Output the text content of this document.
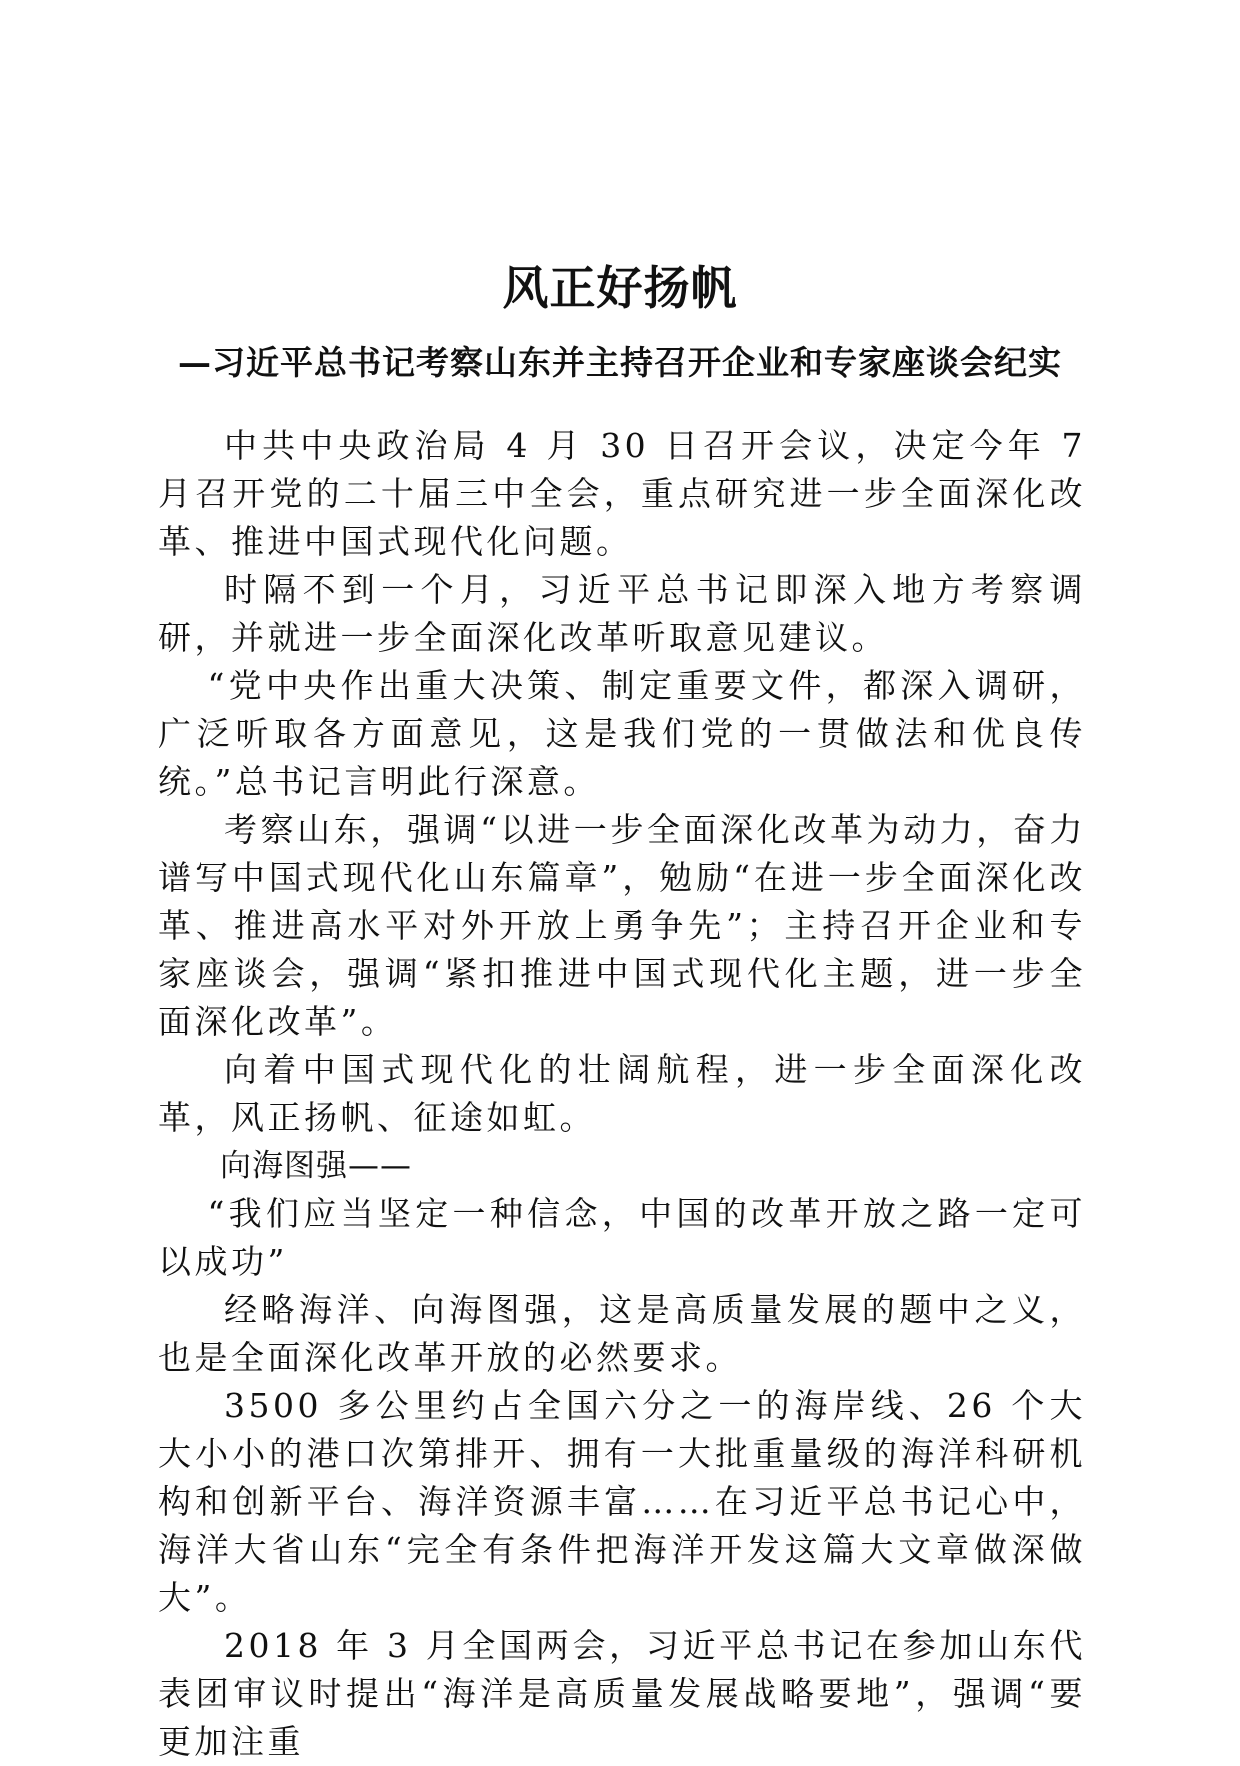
风正好扬帆
—习近平总书记考察山东并主持召开企业和专家座谈会纪实

中共中央政治局 4 月 30 日召开会议，决定今年 7 月召开党的二十届三中全会，重点研究进一步全面深化改革、推进中国式现代化问题。

时隔不到一个月，习近平总书记即深入地方考察调研，并就进一步全面深化改革听取意见建议。

“党中央作出重大决策、制定重要文件，都深入调研，广泛听取各方面意见，这是我们党的一贯做法和优良传统。”总书记言明此行深意。

考察山东，强调“以进一步全面深化改革为动力，奋力谱写中国式现代化山东篇章”，勉励“在进一步全面深化改革、推进高水平对外开放上勇争先”；主持召开企业和专家座谈会，强调“紧扣推进中国式现代化主题，进一步全面深化改革”。

向着中国式现代化的壮阔航程，进一步全面深化改革，风正扬帆、征途如虹。

向海图强——

“我们应当坚定一种信念，中国的改革开放之路一定可以成功”

经略海洋、向海图强，这是高质量发展的题中之义，也是全面深化改革开放的必然要求。

3500 多公里约占全国六分之一的海岸线、26 个大大小小的港口次第排开、拥有一大批重量级的海洋科研机构和创新平台、海洋资源丰富……在习近平总书记心中，海洋大省山东“完全有条件把海洋开发这篇大文章做深做大”。

2018 年 3 月全国两会，习近平总书记在参加山东代表团审议时提出“海洋是高质量发展战略要地”，强调“要更加注重
